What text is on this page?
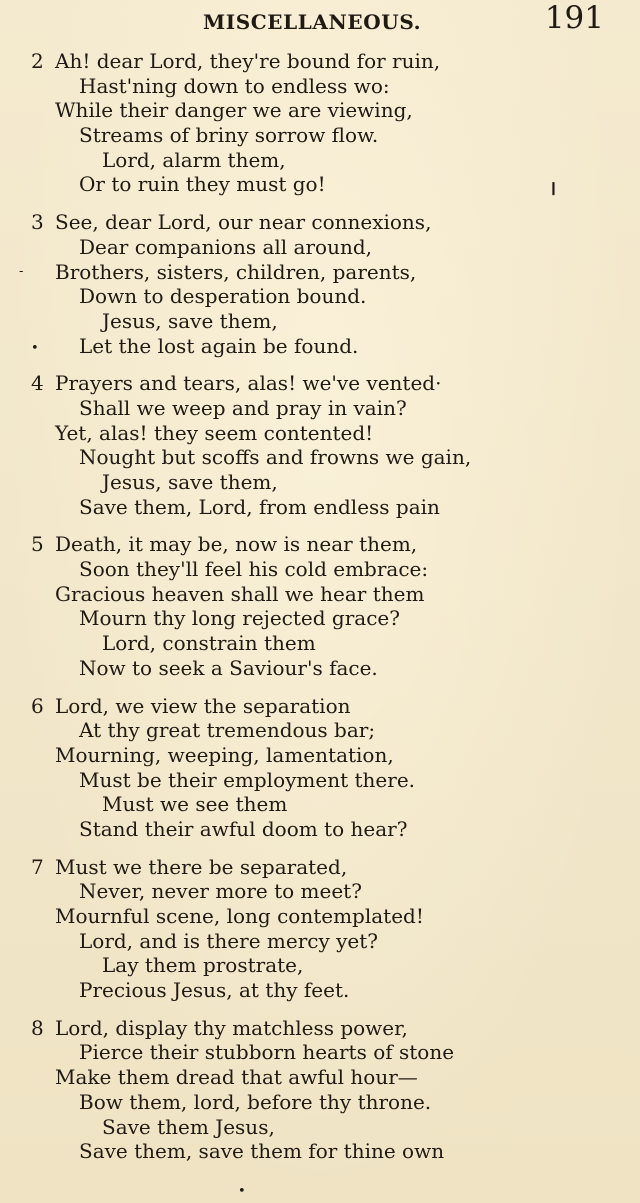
MISCELLANEOUS.	191
2 Ah! dear Lord, they're bound for ruin,
Hast'ning down to endless wo:
While their danger we are viewing,
Streams of briny sorrow flow.
Lord, alarm them,
Or to ruin they must go!
3 See, dear Lord, our near connexions,
Dear companions all around,
Brothers, sisters, children, parents,
Down to desperation bound.
Jesus, save them,
Let the lost again be found.
4 Prayers and tears, alas! we've vented·
Shall we weep and pray in vain?
Yet, alas! they seem contented!
Nought but scoffs and frowns we gain,
Jesus, save them,
Save them, Lord, from endless pain
5 Death, it may be, now is near them,
Soon they'll feel his cold embrace:
Gracious heaven shall we hear them
Mourn thy long rejected grace?
Lord, constrain them
Now to seek a Saviour's face.
6 Lord, we view the separation
At thy great tremendous bar;
Mourning, weeping, lamentation,
Must be their employment there.
Must we see them
Stand their awful doom to hear?
7 Must we there be separated,
Never, never more to meet?
Mournful scene, long contemplated!
Lord, and is there mercy yet?
Lay them prostrate,
Precious Jesus, at thy feet.
8 Lord, display thy matchless power,
Pierce their stubborn hearts of stone
Make them dread that awful hour—
Bow them, lord, before thy throne.
Save them Jesus,
Save them, save them for thine own
❙
‐
•
•
